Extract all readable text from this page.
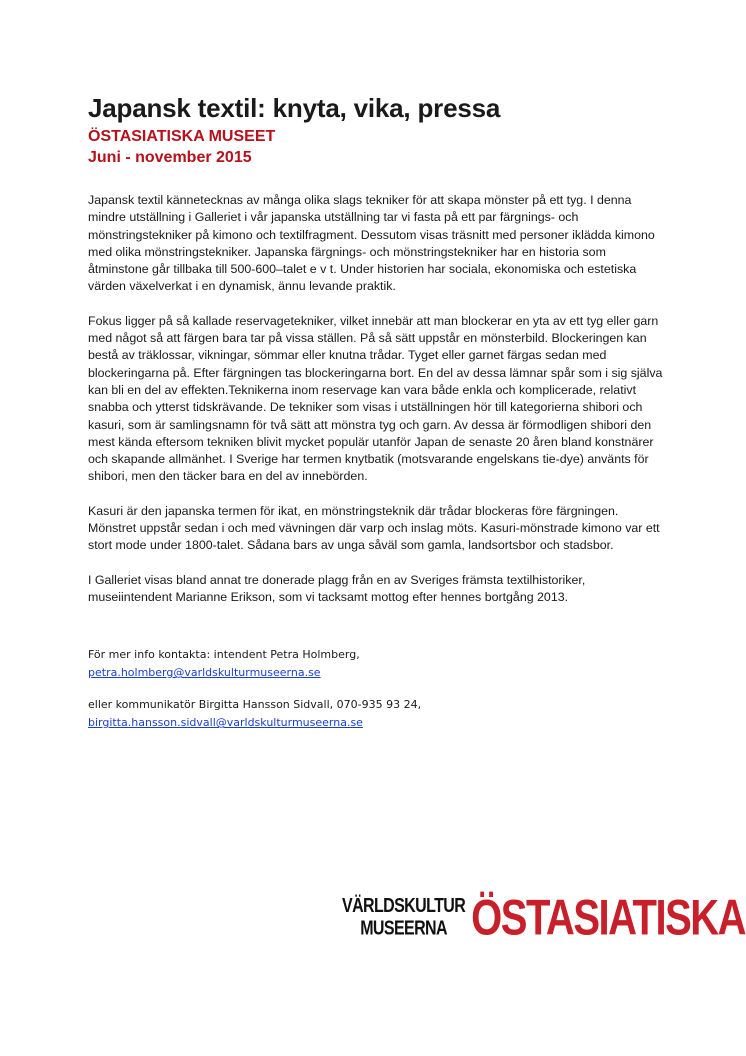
Japansk textil: knyta, vika, pressa
ÖSTASIATISKA MUSEET
Juni - november 2015

Japansk textil kännetecknas av många olika slags tekniker för att skapa mönster på ett tyg. I denna mindre utställning i Galleriet i vår japanska utställning tar vi fasta på ett par färgnings- och mönstringstekniker på kimono och textilfragment. Dessutom visas träsnitt med personer iklädda kimono med olika mönstringstekniker. Japanska färgnings- och mönstringstekniker har en historia som åtminstone går tillbaka till 500-600–talet e v t. Under historien har sociala, ekonomiska och estetiska värden växelverkat i en dynamisk, ännu levande praktik.

Fokus ligger på så kallade reservagetekniker, vilket innebär att man blockerar en yta av ett tyg eller garn med något så att färgen bara tar på vissa ställen. På så sätt uppstår en mönsterbild. Blockeringen kan bestå av träklossar, vikningar, sömmar eller knutna trådar. Tyget eller garnet färgas sedan med blockeringarna på. Efter färgningen tas blockeringarna bort. En del av dessa lämnar spår som i sig själva kan bli en del av effekten.Teknikerna inom reservage kan vara både enkla och komplicerade, relativt snabba och ytterst tidskrävande. De tekniker som visas i utställningen hör till kategorierna shibori och kasuri, som är samlingsnamn för två sätt att mönstra tyg och garn. Av dessa är förmodligen shibori den mest kända eftersom tekniken blivit mycket populär utanför Japan de senaste 20 åren bland konstnärer och skapande allmänhet. I Sverige har termen knytbatik (motsvarande engelskans tie-dye) använts för shibori, men den täcker bara en del av innebörden.

Kasuri är den japanska termen för ikat, en mönstringsteknik där trådar blockeras före färgningen. Mönstret uppstår sedan i och med vävningen där varp och inslag möts. Kasuri-mönstrade kimono var ett stort mode under 1800-talet. Sådana bars av unga såväl som gamla, landsortsbor och stadsbor.

I Galleriet visas bland annat tre donerade plagg från en av Sveriges främsta textilhistoriker, museiintendent Marianne Erikson, som vi tacksamt mottog efter hennes bortgång 2013.

För mer info kontakta: intendent Petra Holmberg,
petra.holmberg@varldskulturmuseerna.se

eller kommunikatör Birgitta Hansson Sidvall, 070-935 93 24,
birgitta.hansson.sidvall@varldskulturmuseerna.se

VÄRLDSKULTUR
MUSEERNA ÖSTASIATISKA
